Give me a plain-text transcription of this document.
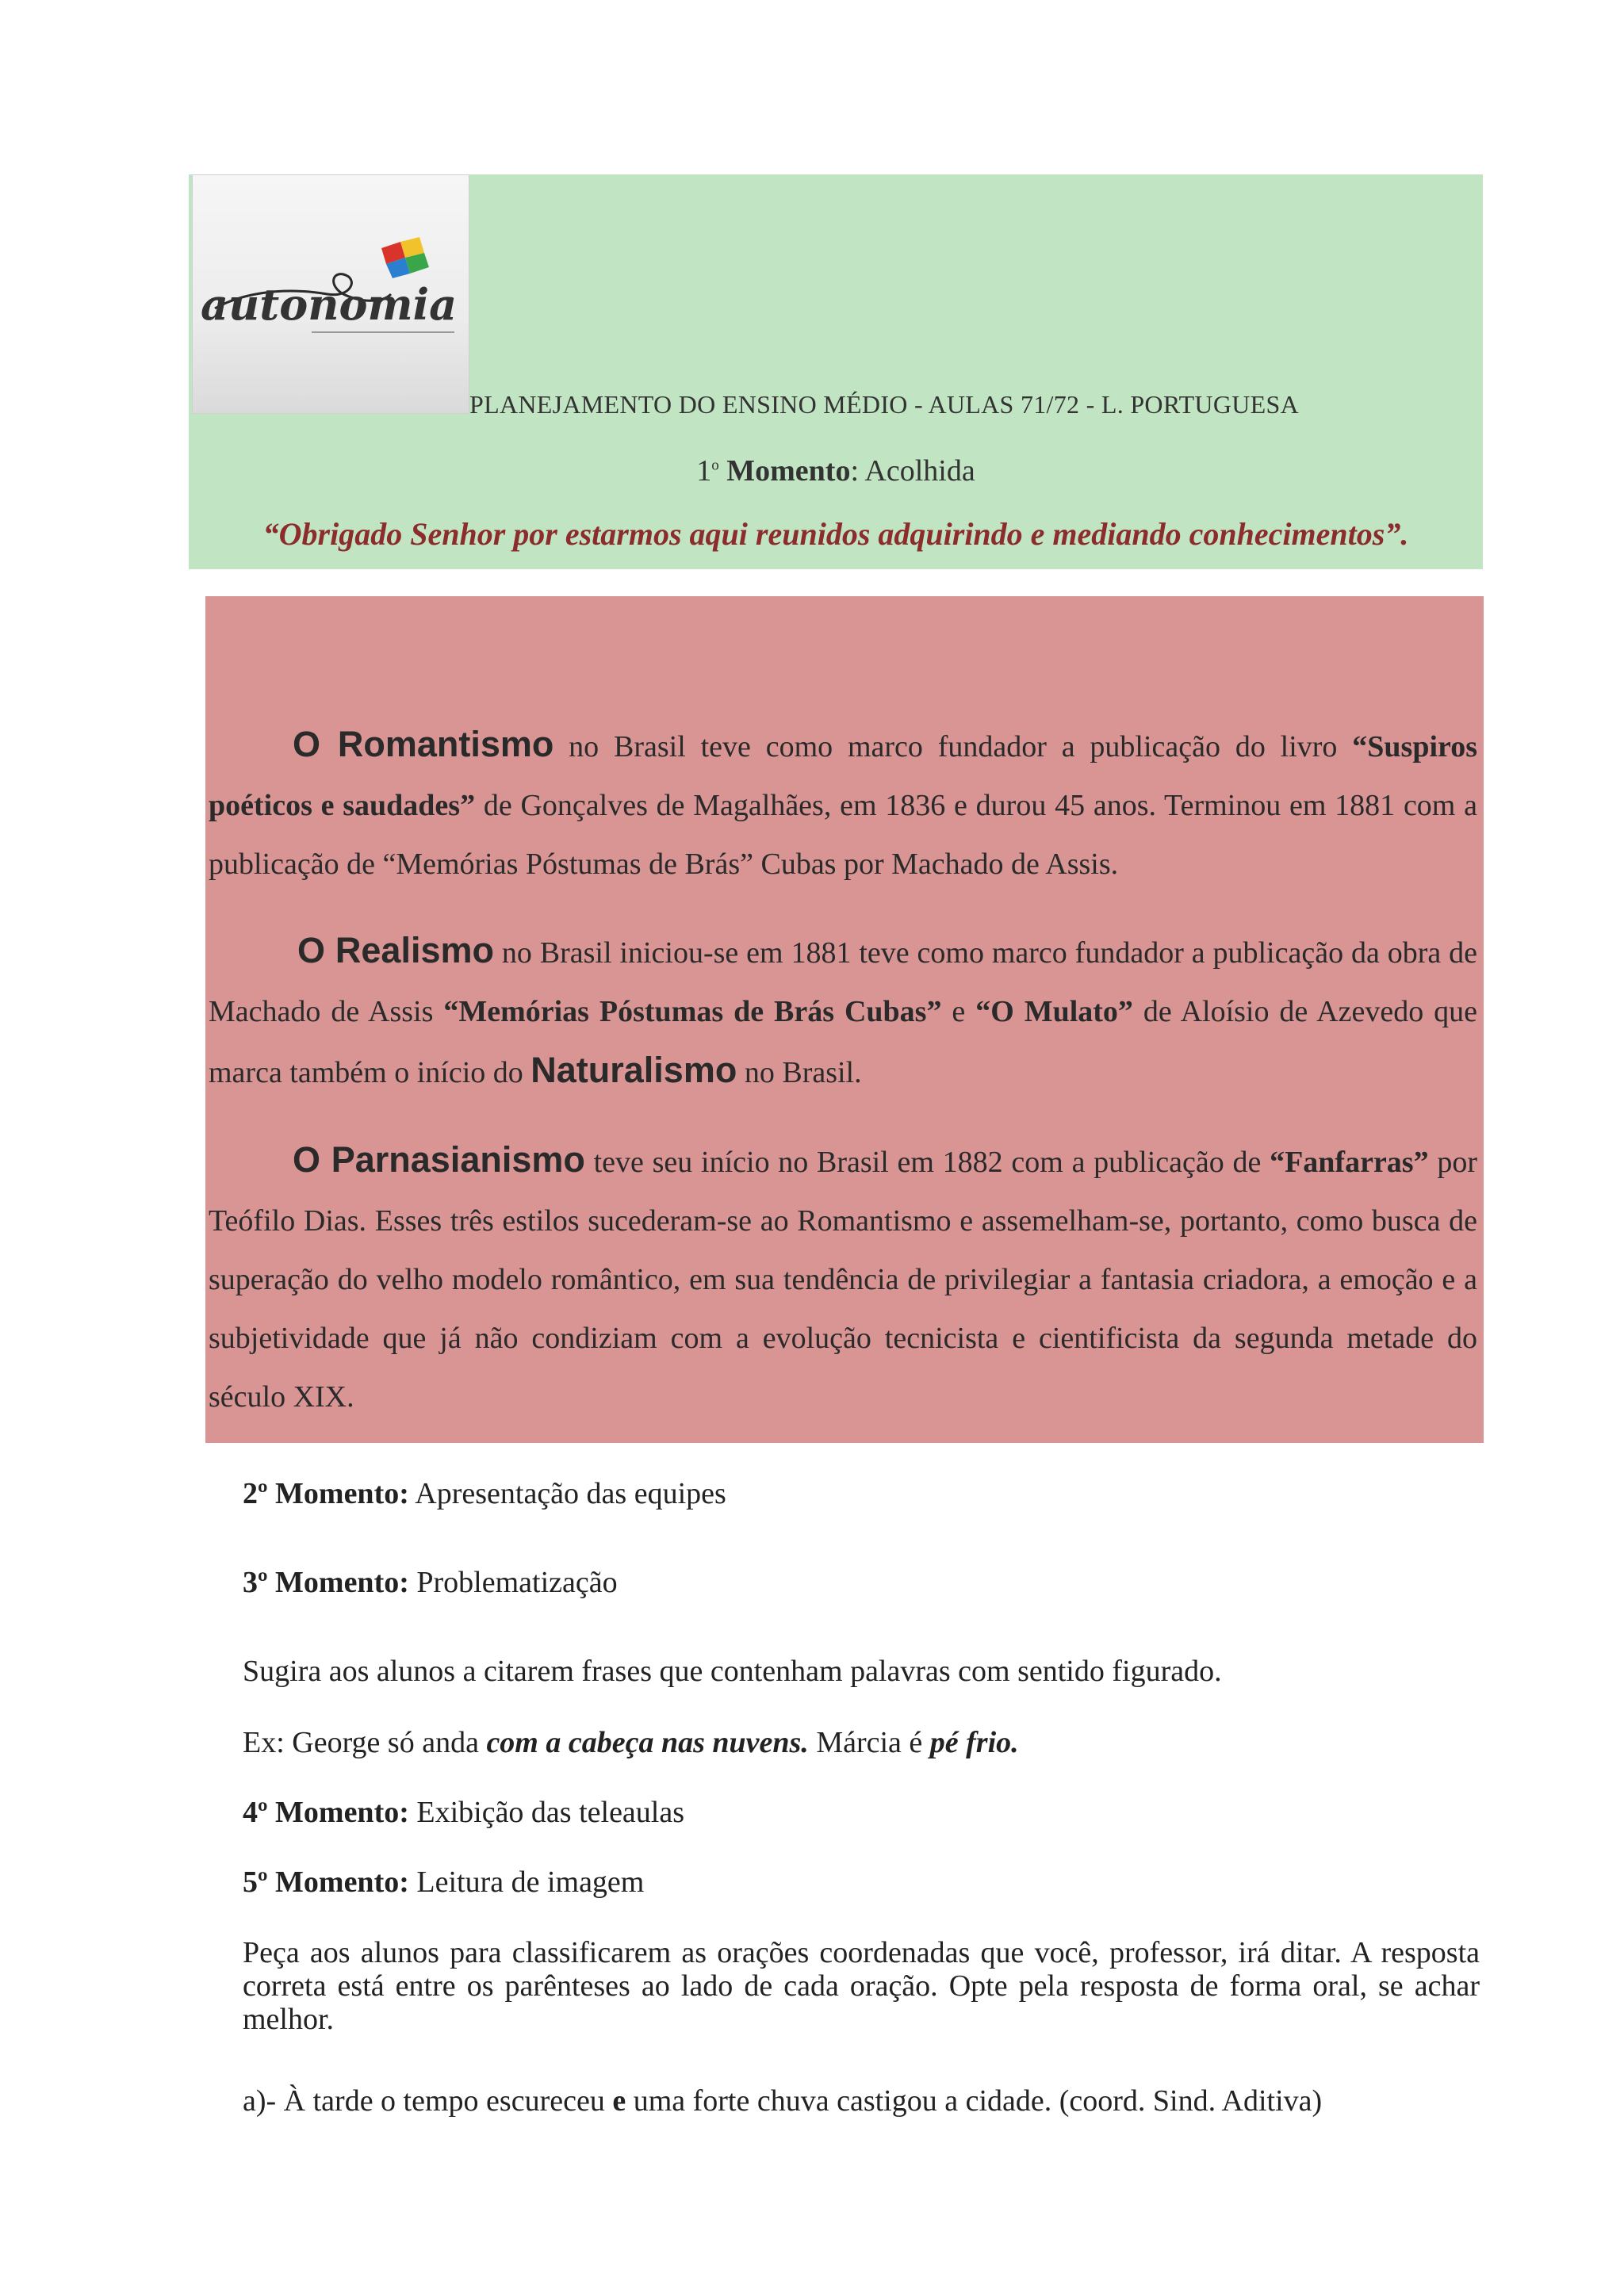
autonomia
PLANEJAMENTO DO ENSINO MÉDIO - AULAS 71/72 - L. PORTUGUESA
1$^o$ Momento: Acolhida
“Obrigado Senhor por estarmos aqui reunidos adquirindo e mediando conhecimentos”.

O Romantismo no Brasil teve como marco fundador a publicação do livro “Suspiros poéticos e saudades” de Gonçalves de Magalhães, em 1836 e durou 45 anos. Terminou em 1881 com a publicação de “Memórias Póstumas de Brás” Cubas por Machado de Assis.

O Realismo no Brasil iniciou-se em 1881 teve como marco fundador a publicação da obra de Machado de Assis “Memórias Póstumas de Brás Cubas” e “O Mulato” de Aloísio de Azevedo que marca também o início do Naturalismo no Brasil.

O Parnasianismo teve seu início no Brasil em 1882 com a publicação de “Fanfarras” por Teófilo Dias. Esses três estilos sucederam-se ao Romantismo e assemelham-se, portanto, como busca de superação do velho modelo romântico, em sua tendência de privilegiar a fantasia criadora, a emoção e a subjetividade que já não condiziam com a evolução tecnicista e cientificista da segunda metade do século XIX.

2º Momento: Apresentação das equipes

3º Momento: Problematização

Sugira aos alunos a citarem frases que contenham palavras com sentido figurado.

Ex: George só anda com a cabeça nas nuvens. Márcia é pé frio.

4º Momento: Exibição das teleaulas

5º Momento: Leitura de imagem

Peça aos alunos para classificarem as orações coordenadas que você, professor, irá ditar. A resposta correta está entre os parênteses ao lado de cada oração. Opte pela resposta de forma oral, se achar melhor.

a)- À tarde o tempo escureceu e uma forte chuva castigou a cidade. (coord. Sind. Aditiva)
